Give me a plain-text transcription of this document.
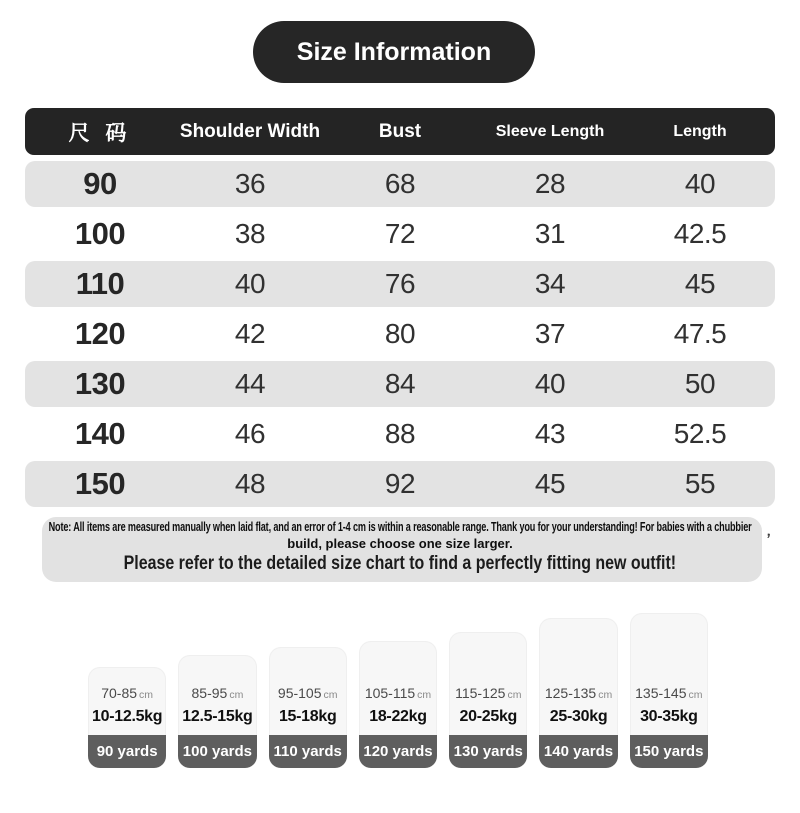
Size Information
尺 码	Shoulder Width	Bust	Sleeve Length	Length
90	36	68	28	40
100	38	72	31	42.5
110	40	76	34	45
120	42	80	37	47.5
130	44	84	40	50
140	46	88	43	52.5
150	48	92	45	55
Note: All items are measured manually when laid flat, and an error of 1-4 cm is within a reasonable range. Thank you for your understanding! For babies with a chubbier
build, please choose one size larger.	’
Please refer to the detailed size chart to find a perfectly fitting new outfit!
70-85 cm
10-12.5kg
90 yards
85-95 cm
12.5-15kg
100 yards
95-105 cm
15-18kg
110 yards
105-115 cm
18-22kg
120 yards
115-125 cm
20-25kg
130 yards
125-135 cm
25-30kg
140 yards
135-145 cm
30-35kg
150 yards
